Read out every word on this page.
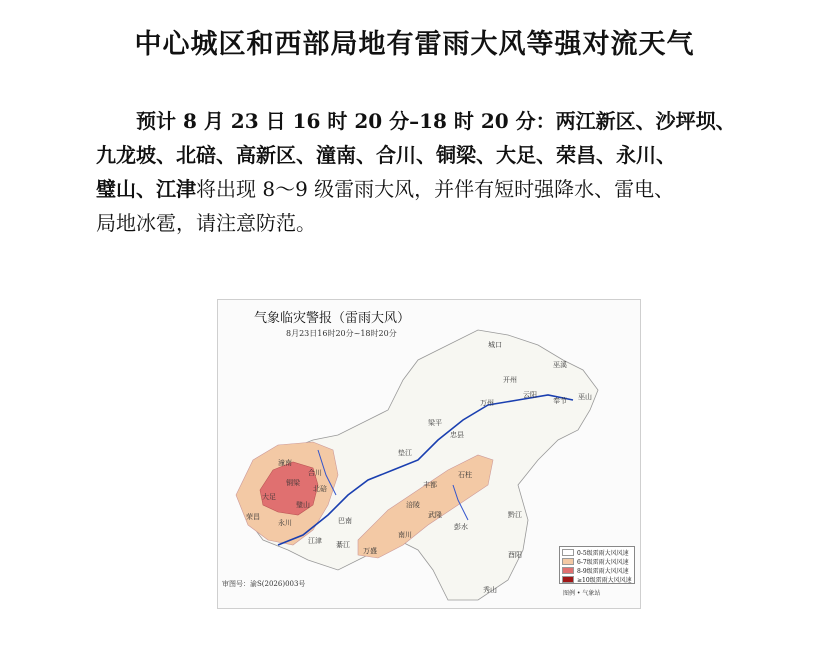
中心城区和西部局地有雷雨大风等强对流天气
预计 8 月 23 日 16 时 20 分–18 时 20 分：两江新区、沙坪坝、
九龙坡、北碚、高新区、潼南、合川、铜梁、大足、荣昌、永川、
璧山、江津将出现 8～9 级雷雨大风，并伴有短时强降水、雷电、
局地冰雹，请注意防范。
气象临灾警报（雷雨大风）
8月23日16时20分~18时20分
城口
巫溪
巫山
开州
云阳
奉节
万州
梁平
忠县
垫江
石柱
丰都
潼南
合川
铜梁
北碚
大足
璧山
荣昌
永川
江津
巴南
南川
万盛
綦江
武隆
彭水
黔江
酉阳
秀山
涪陵
0-5级雷雨大风风速
6-7级雷雨大风风速
8-9级雷雨大风风速
≥10级雷雨大风风速
图例 • 气象站
审图号：渝S(2026)003号
